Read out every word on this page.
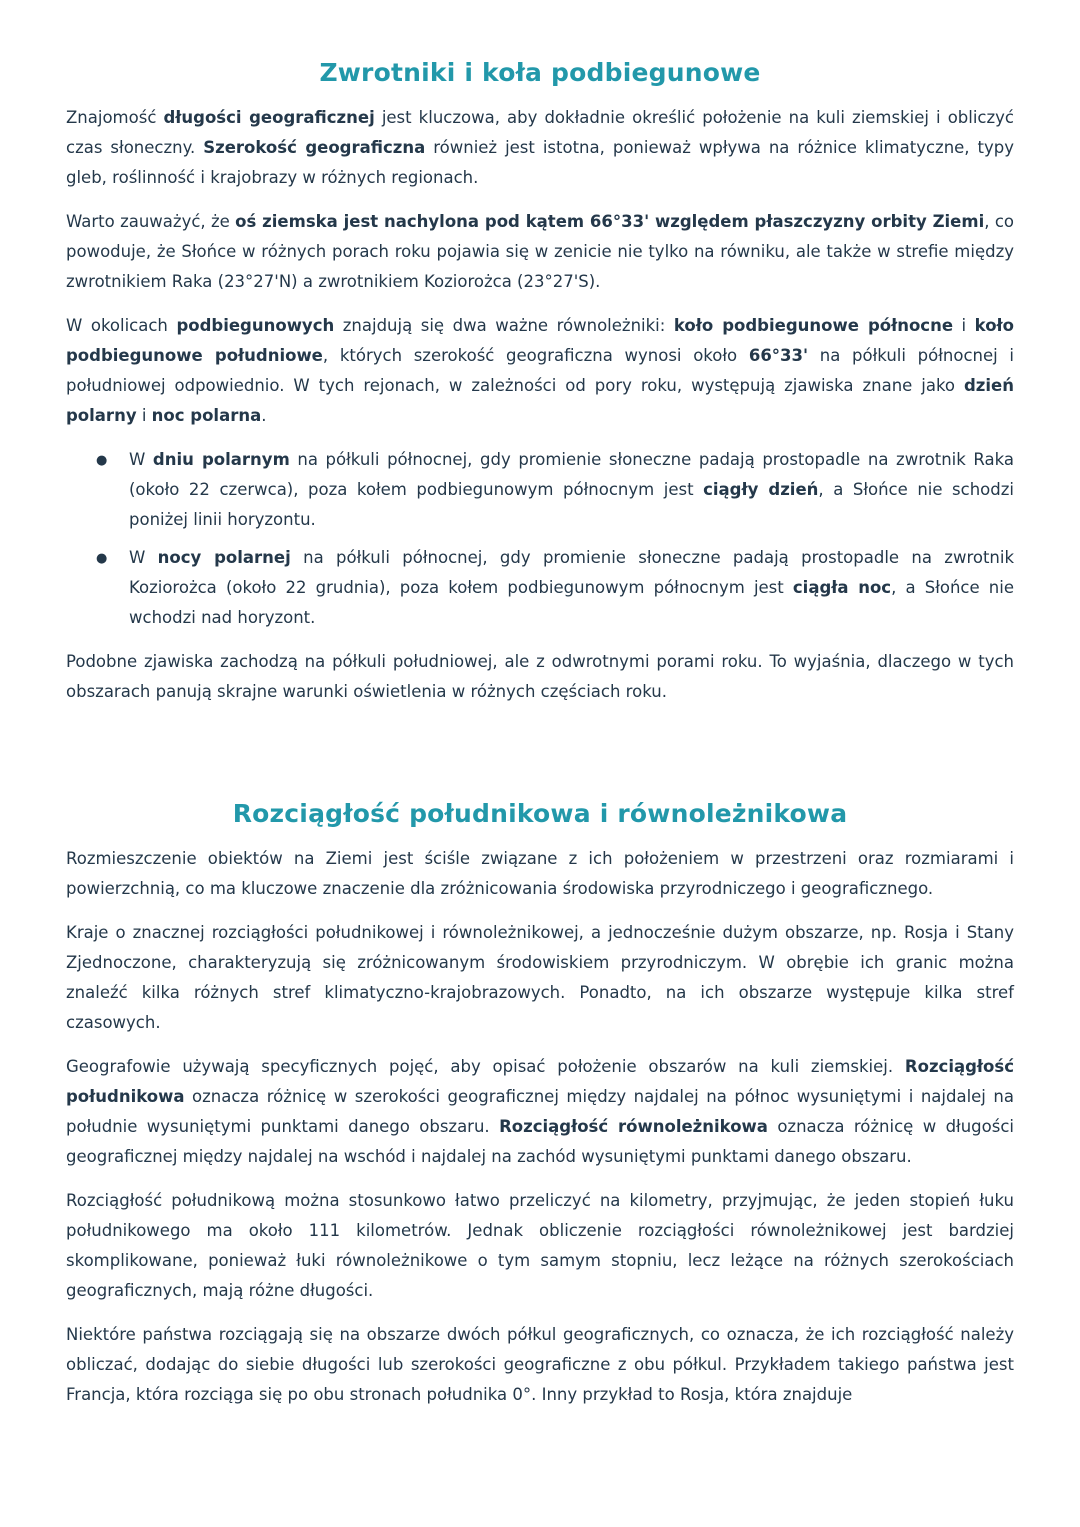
Zwrotniki i koła podbiegunowe

Znajomość długości geograficznej jest kluczowa, aby dokładnie określić położenie na kuli ziemskiej i obliczyć czas słoneczny. Szerokość geograficzna również jest istotna, ponieważ wpływa na różnice klimatyczne, typy gleb, roślinność i krajobrazy w różnych regionach.

Warto zauważyć, że oś ziemska jest nachylona pod kątem 66°33' względem płaszczyzny orbity Ziemi, co powoduje, że Słońce w różnych porach roku pojawia się w zenicie nie tylko na równiku, ale także w strefie między zwrotnikiem Raka (23°27'N) a zwrotnikiem Koziorożca (23°27'S).

W okolicach podbiegunowych znajdują się dwa ważne równoleżniki: koło podbiegunowe północne i koło podbiegunowe południowe, których szerokość geograficzna wynosi około 66°33' na półkuli północnej i południowej odpowiednio. W tych rejonach, w zależności od pory roku, występują zjawiska znane jako dzień polarny i noc polarna.

● W dniu polarnym na półkuli północnej, gdy promienie słoneczne padają prostopadle na zwrotnik Raka (około 22 czerwca), poza kołem podbiegunowym północnym jest ciągły dzień, a Słońce nie schodzi poniżej linii horyzontu.
● W nocy polarnej na półkuli północnej, gdy promienie słoneczne padają prostopadle na zwrotnik Koziorożca (około 22 grudnia), poza kołem podbiegunowym północnym jest ciągła noc, a Słońce nie wchodzi nad horyzont.

Podobne zjawiska zachodzą na półkuli południowej, ale z odwrotnymi porami roku. To wyjaśnia, dlaczego w tych obszarach panują skrajne warunki oświetlenia w różnych częściach roku.

Rozciągłość południkowa i równoleżnikowa

Rozmieszczenie obiektów na Ziemi jest ściśle związane z ich położeniem w przestrzeni oraz rozmiarami i powierzchnią, co ma kluczowe znaczenie dla zróżnicowania środowiska przyrodniczego i geograficznego.

Kraje o znacznej rozciągłości południkowej i równoleżnikowej, a jednocześnie dużym obszarze, np. Rosja i Stany Zjednoczone, charakteryzują się zróżnicowanym środowiskiem przyrodniczym. W obrębie ich granic można znaleźć kilka różnych stref klimatyczno-krajobrazowych. Ponadto, na ich obszarze występuje kilka stref czasowych.

Geografowie używają specyficznych pojęć, aby opisać położenie obszarów na kuli ziemskiej. Rozciągłość południkowa oznacza różnicę w szerokości geograficznej między najdalej na północ wysuniętymi i najdalej na południe wysuniętymi punktami danego obszaru. Rozciągłość równoleżnikowa oznacza różnicę w długości geograficznej między najdalej na wschód i najdalej na zachód wysuniętymi punktami danego obszaru.

Rozciągłość południkową można stosunkowo łatwo przeliczyć na kilometry, przyjmując, że jeden stopień łuku południkowego ma około 111 kilometrów. Jednak obliczenie rozciągłości równoleżnikowej jest bardziej skomplikowane, ponieważ łuki równoleżnikowe o tym samym stopniu, lecz leżące na różnych szerokościach geograficznych, mają różne długości.

Niektóre państwa rozciągają się na obszarze dwóch półkul geograficznych, co oznacza, że ich rozciągłość należy obliczać, dodając do siebie długości lub szerokości geograficzne z obu półkul. Przykładem takiego państwa jest Francja, która rozciąga się po obu stronach południka 0°. Inny przykład to Rosja, która znajduje
